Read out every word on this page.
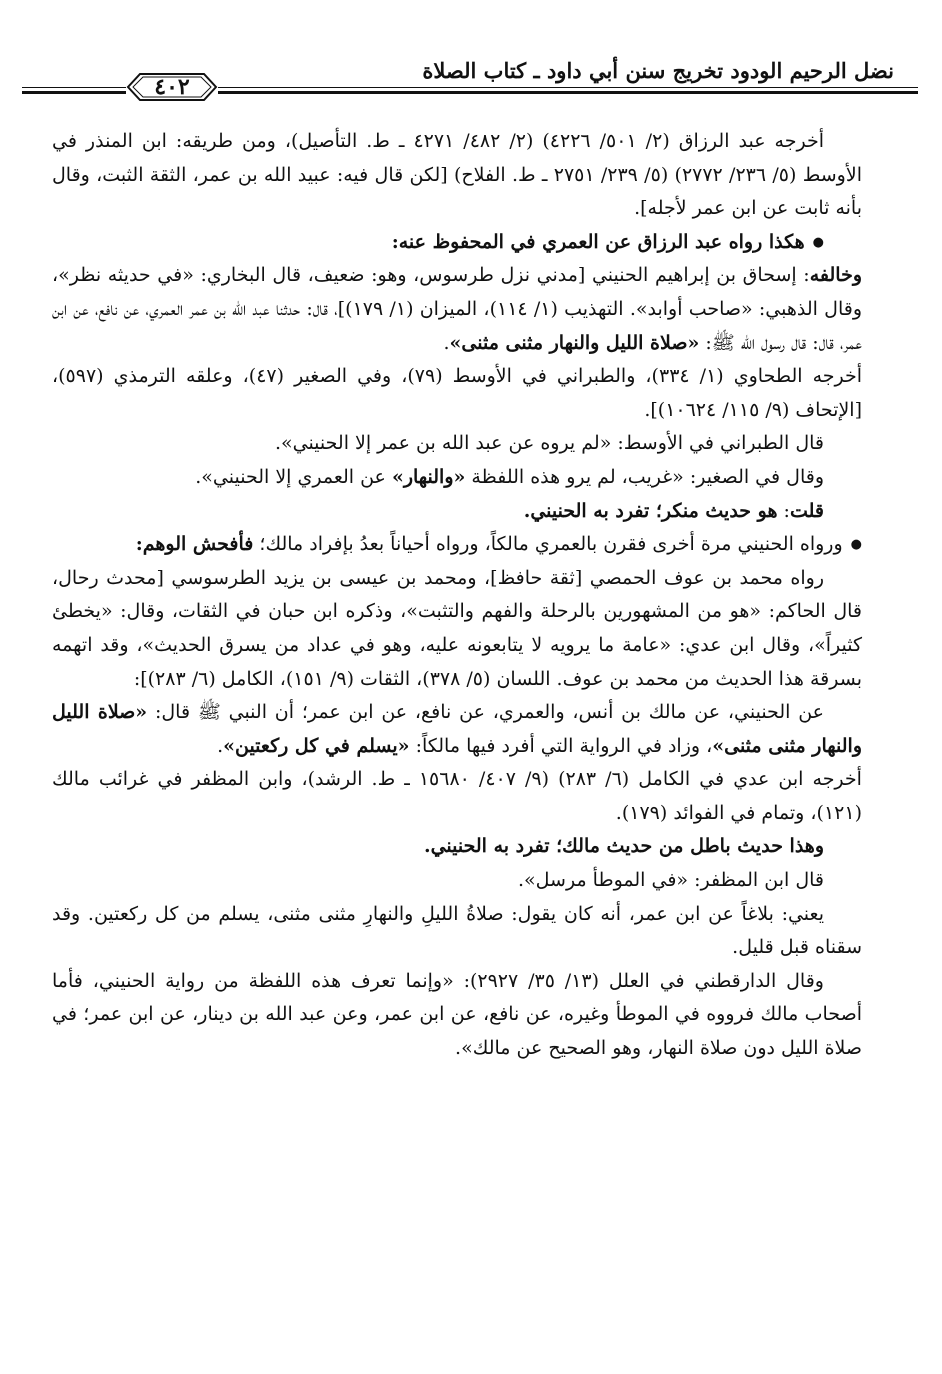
نضل الرحيم الودود تخريج سنن أبي داود ـ كتاب الصلاة
٤٠٢

أخرجه عبد الرزاق (٢/ ٥٠١/ ٤٢٢٦) (٢/ ٤٨٢/ ٤٢٧١ ـ ط. التأصيل)، ومن طريقه: ابن المنذر في الأوسط (٥/ ٢٣٦/ ٢٧٧٢) (٥/ ٢٣٩/ ٢٧٥١ ـ ط. الفلاح) [لكن قال فيه: عبيد الله بن عمر، الثقة الثبت، وقال بأنه ثابت عن ابن عمر لأجله].

● هكذا رواه عبد الرزاق عن العمري في المحفوظ عنه:

وخالفه: إسحاق بن إبراهيم الحنيني [مدني نزل طرسوس، وهو: ضعيف، قال البخاري: «في حديثه نظر»، وقال الذهبي: «صاحب أوابد». التهذيب (١/ ١١٤)، الميزان (١/ ١٧٩)]، قال: حدثنا عبد الله بن عمر العمري، عن نافع، عن ابن عمر، قال: قال رسول الله ﷺ: «صلاة الليل والنهار مثنى مثنى».

أخرجه الطحاوي (١/ ٣٣٤)، والطبراني في الأوسط (٧٩)، وفي الصغير (٤٧)، وعلقه الترمذي (٥٩٧)، [الإتحاف (٩/ ١١٥/ ١٠٦٢٤)].

قال الطبراني في الأوسط: «لم يروه عن عبد الله بن عمر إلا الحنيني».

وقال في الصغير: «غريب، لم يرو هذه اللفظة «والنهار» عن العمري إلا الحنيني».

قلت: هو حديث منكر؛ تفرد به الحنيني.

● ورواه الحنيني مرة أخرى فقرن بالعمري مالكاً، ورواه أحياناً بعدُ بإفراد مالك؛ فأفحش الوهم:

رواه محمد بن عوف الحمصي [ثقة حافظ]، ومحمد بن عيسى بن يزيد الطرسوسي [محدث رحال، قال الحاكم: «هو من المشهورين بالرحلة والفهم والتثبت»، وذكره ابن حبان في الثقات، وقال: «يخطئ كثيراً»، وقال ابن عدي: «عامة ما يرويه لا يتابعونه عليه، وهو في عداد من يسرق الحديث»، وقد اتهمه بسرقة هذا الحديث من محمد بن عوف. اللسان (٥/ ٣٧٨)، الثقات (٩/ ١٥١)، الكامل (٦/ ٢٨٣)]:

عن الحنيني، عن مالك بن أنس، والعمري، عن نافع، عن ابن عمر؛ أن النبي ﷺ قال: «صلاة الليل والنهار مثنى مثنى»، وزاد في الرواية التي أفرد فيها مالكاً: «يسلم في كل ركعتين».

أخرجه ابن عدي في الكامل (٦/ ٢٨٣) (٩/ ٤٠٧/ ١٥٦٨٠ ـ ط. الرشد)، وابن المظفر في غرائب مالك (١٢١)، وتمام في الفوائد (١٧٩).

وهذا حديث باطل من حديث مالك؛ تفرد به الحنيني.

قال ابن المظفر: «في الموطأ مرسل».

يعني: بلاغاً عن ابن عمر، أنه كان يقول: صلاةُ الليلِ والنهارِ مثنى مثنى، يسلم من كل ركعتين. وقد سقناه قبل قليل.

وقال الدارقطني في العلل (١٣/ ٣٥/ ٢٩٢٧): «وإنما تعرف هذه اللفظة من رواية الحنيني، فأما أصحاب مالك فرووه في الموطأ وغيره، عن نافع، عن ابن عمر، وعن عبد الله بن دينار، عن ابن عمر؛ في صلاة الليل دون صلاة النهار، وهو الصحيح عن مالك».
